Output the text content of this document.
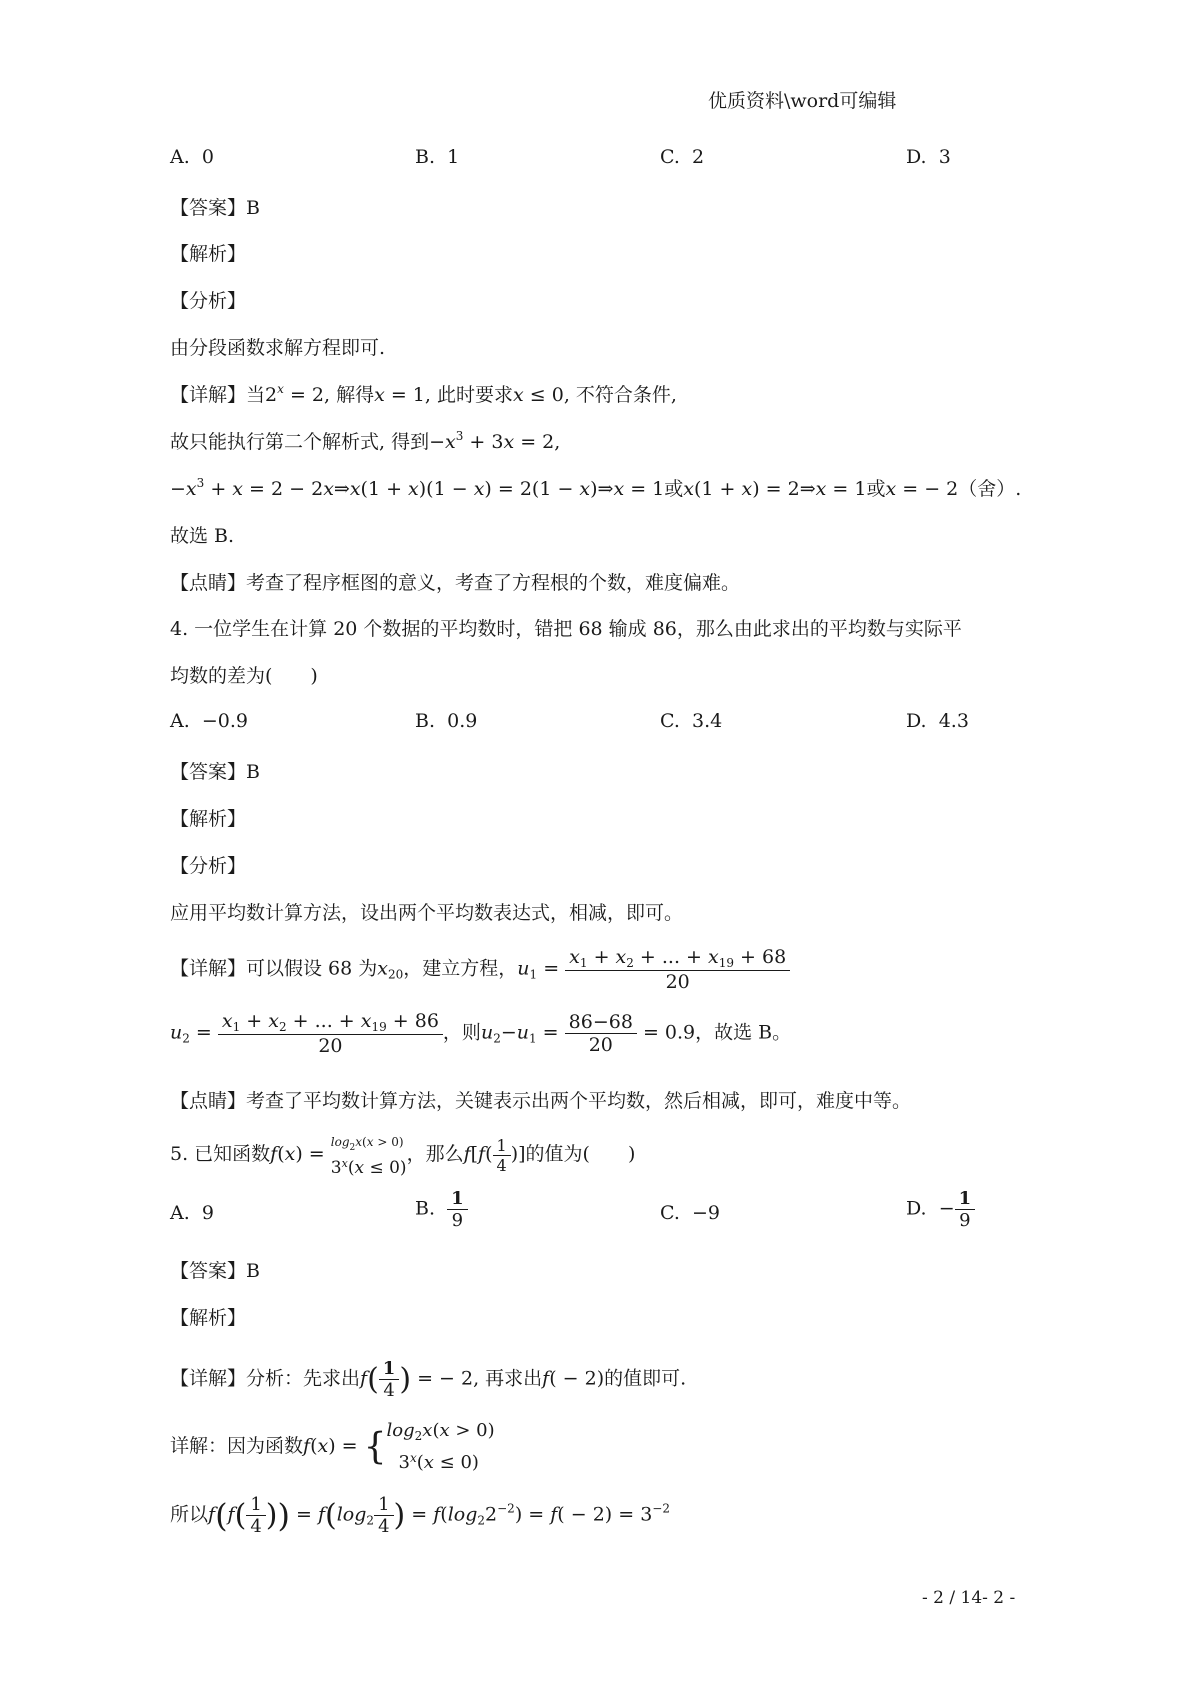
优质资料\word可编辑
A. 0	B. 1	C. 2	D. 3
【答案】B
【解析】
【分析】
由分段函数求解方程即可.
【详解】当$2^x = 2$, 解得x = 1, 此时要求x ≤ 0, 不符合条件,
故只能执行第二个解析式, 得到$-x^3 + 3x = 2$,
$-x^3 + x = 2$ − 2x⇒x(1 + x)(1 − x) = 2(1 − x)⇒x = 1或x(1 + x) = 2⇒x = 1或x = − 2（舍）.
故选 B.
【点睛】考查了程序框图的意义，考查了方程根的个数，难度偏难。
4. 一位学生在计算 20 个数据的平均数时，错把 68 输成 86，那么由此求出的平均数与实际平
均数的差为(　　)
A. −0.9	B. 0.9	C. 3.4	D. 4.3
【答案】B
【解析】
【分析】
应用平均数计算方法，设出两个平均数表达式，相减，即可。
【详解】可以假设 68 为$x_{20}$，建立方程，$u_1 = \frac{x_1 + x_2 + ... + x_{19} + 68}{20}$
$u_2 = \frac{x_1 + x_2 + ... + x_{19} + 86}{20}$ ，则$u_2-u_1 = \frac{86-68}{20} = 0.9$，故选 B。
【点睛】考查了平均数计算方法，关键表示出两个平均数，然后相减，即可，难度中等。
5. 已知函数f(x) =
$\log_2x(x > 0)$
$3^x(x \le 0)$
，那么$f[f( \frac{1}{4}$ )]的值为(　　)
A. 9	B. $\frac{1}{9}$	C. −9	D. − $\frac{1}{9}$
【答案】B
【解析】
【详解】分析：先求出$f( \frac{1}{4}$ ) = − 2, 再求出f( − 2)的值即可.
详解：因为函数f(x) = { $\log_2x(x > 0)$
$3^x(x \le 0)$
所以$f(f( \frac{1}{4}$ )) = $f(\log_2 \frac{1}{4}$ ) = $f(\log_22^{-2}) = f( - 2) = 3^{-2}$
- 2 / 14- 2 -
